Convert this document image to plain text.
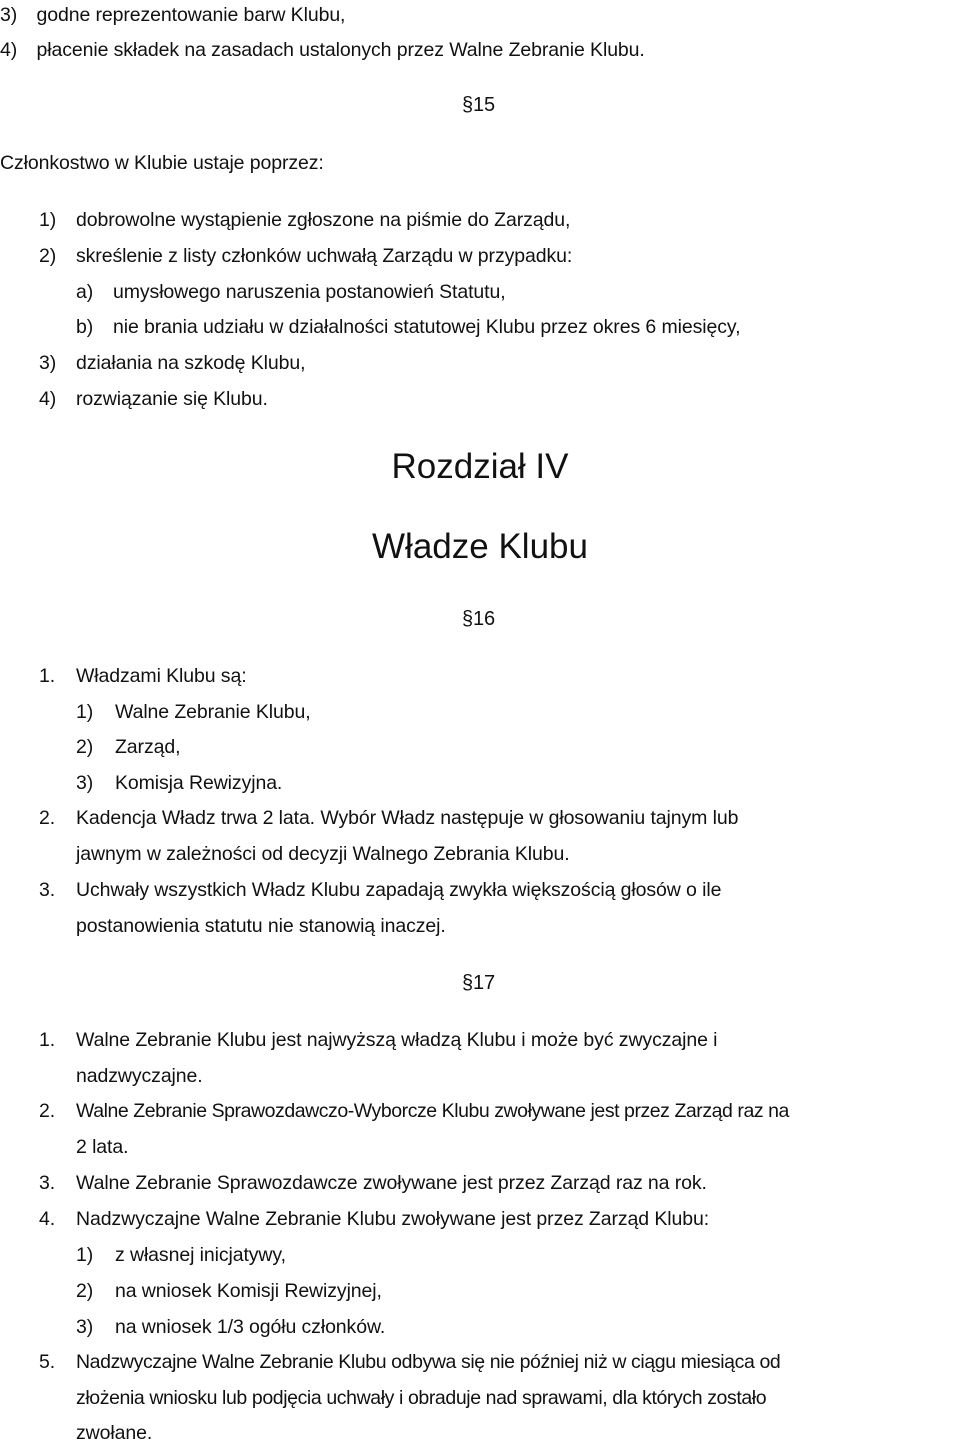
3) godne reprezentowanie barw Klubu,
4) płacenie składek na zasadach ustalonych przez Walne Zebranie Klubu.
§15
Członkostwo w Klubie ustaje poprzez:
1) dobrowolne wystąpienie zgłoszone na piśmie do Zarządu,
2) skreślenie z listy członków uchwałą Zarządu w przypadku:
a) umysłowego naruszenia postanowień Statutu,
b) nie brania udziału w działalności statutowej Klubu przez okres 6 miesięcy,
3) działania na szkodę Klubu,
4) rozwiązanie się Klubu.
Rozdział IV
Władze Klubu
§16
1. Władzami Klubu są:
1) Walne Zebranie Klubu,
2) Zarząd,
3) Komisja Rewizyjna.
2. Kadencja Władz trwa 2 lata. Wybór Władz następuje w głosowaniu tajnym lub
jawnym w zależności od decyzji Walnego Zebrania Klubu.
3. Uchwały wszystkich Władz Klubu zapadają zwykła większością głosów o ile
postanowienia statutu nie stanowią inaczej.
§17
1. Walne Zebranie Klubu jest najwyższą władzą Klubu i może być zwyczajne i
nadzwyczajne.
2. Walne Zebranie Sprawozdawczo-Wyborcze Klubu zwoływane jest przez Zarząd raz na
2 lata.
3. Walne Zebranie Sprawozdawcze zwoływane jest przez Zarząd raz na rok.
4. Nadzwyczajne Walne Zebranie Klubu zwoływane jest przez Zarząd Klubu:
1) z własnej inicjatywy,
2) na wniosek Komisji Rewizyjnej,
3) na wniosek 1/3 ogółu członków.
5. Nadzwyczajne Walne Zebranie Klubu odbywa się nie później niż w ciągu miesiąca od
złożenia wniosku lub podjęcia uchwały i obraduje nad sprawami, dla których zostało
zwołane.
